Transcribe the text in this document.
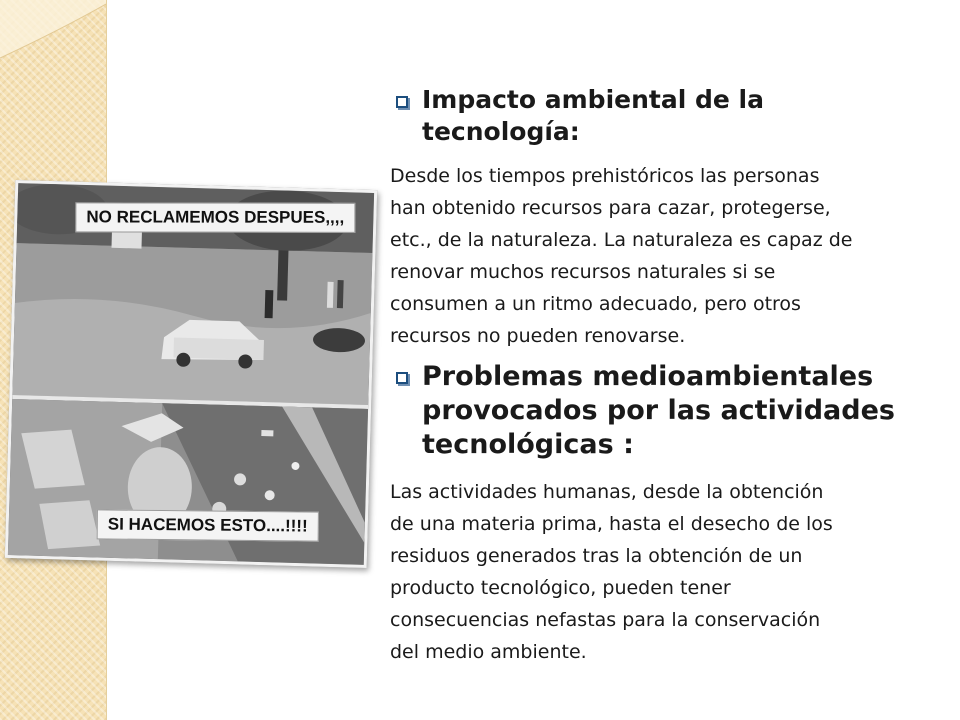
NO RECLAMEMOS DESPUES,,,,
SI HACEMOS ESTO....!!!!
Impacto ambiental de la tecnología:
Desde los tiempos prehistóricos las personas
han obtenido recursos para cazar, protegerse,
etc., de la naturaleza. La naturaleza es capaz de
renovar muchos recursos naturales si se
consumen a un ritmo adecuado, pero otros
recursos no pueden renovarse.
Problemas medioambientales provocados por las actividades tecnológicas :
Las actividades humanas, desde la obtención
de una materia prima, hasta el desecho de los
residuos generados tras la obtención de un
producto tecnológico, pueden tener
consecuencias nefastas para la conservación
del medio ambiente.
